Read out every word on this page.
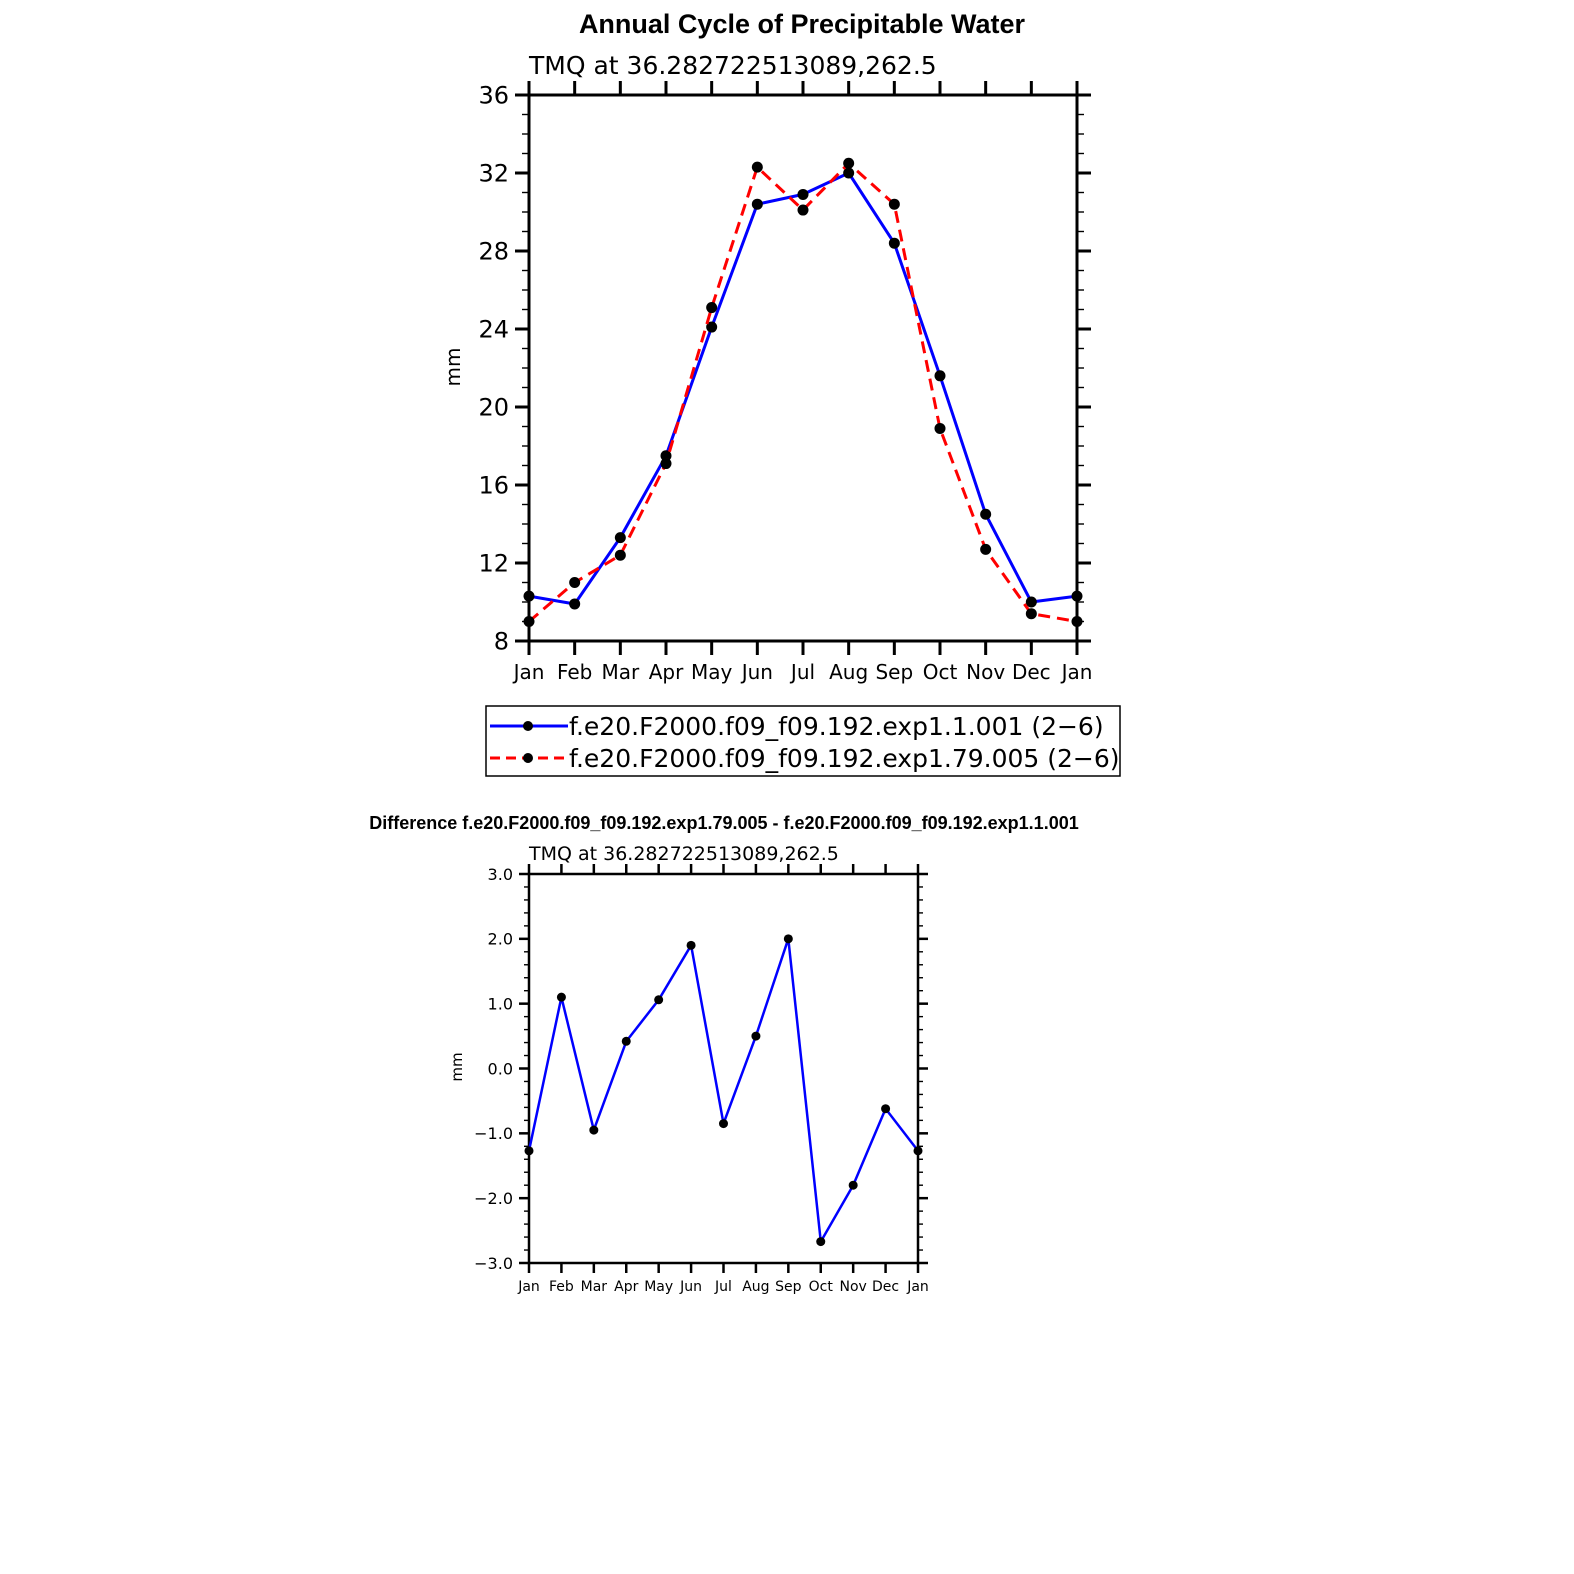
Annual Cycle of Precipitable Water
TMQ at 36.282722513089,262.5
mm
8
12
16
20
24
28
32
36
Jan Feb Mar Apr May Jun Jul Aug Sep Oct Nov Dec Jan
f.e20.F2000.f09_f09.192.exp1.1.001 (2−6)
f.e20.F2000.f09_f09.192.exp1.79.005 (2−6)
Difference f.e20.F2000.f09_f09.192.exp1.79.005 - f.e20.F2000.f09_f09.192.exp1.1.001
TMQ at 36.282722513089,262.5
mm
−3.0
−2.0
−1.0
0.0
1.0
2.0
3.0
Jan Feb Mar Apr May Jun Jul Aug Sep Oct Nov Dec Jan
